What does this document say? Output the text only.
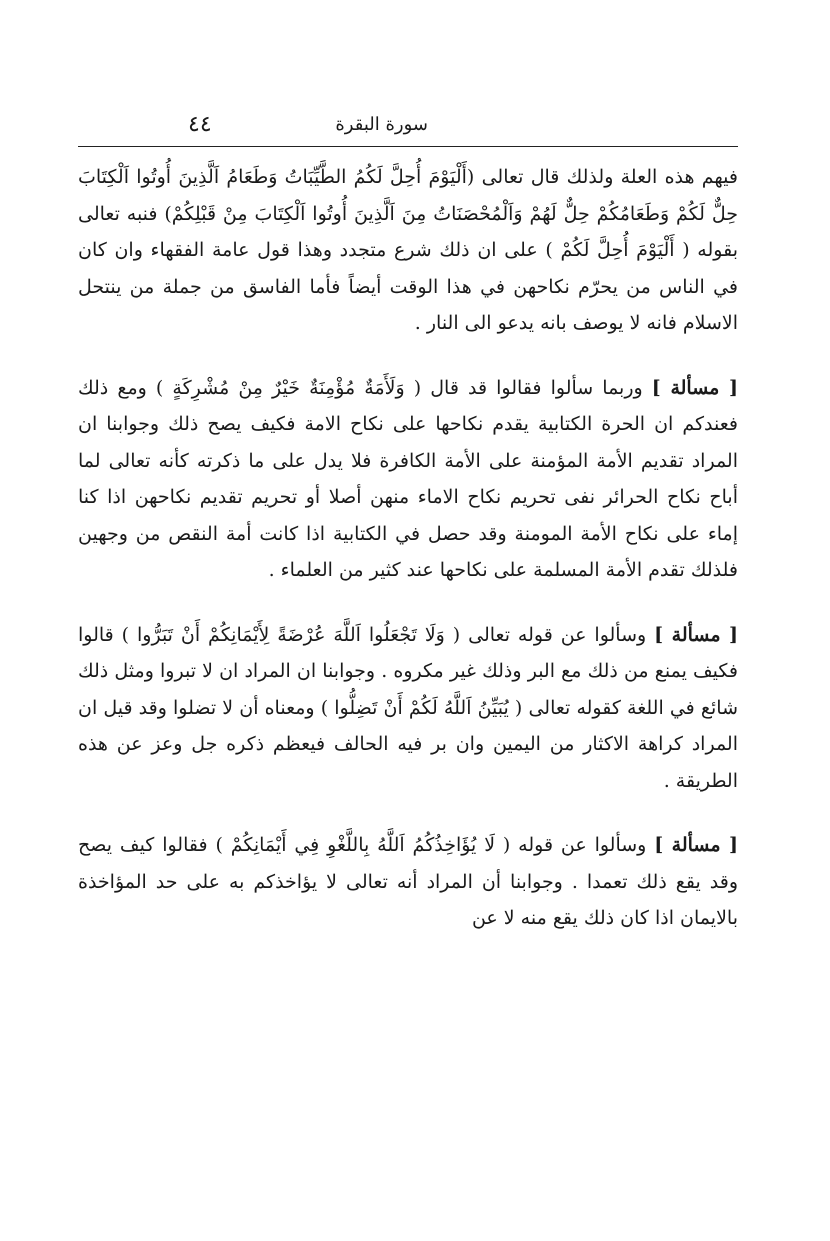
سورة البقرة
٤٤

فيهم هذه العلة ولذلك قال تعالى (أَلْيَوْمَ أُحِلَّ لَكُمُ الطَّيِّبَاتُ وَطَعَامُ اَلَّذِينَ أُوتُوا اَلْكِتَابَ حِلٌّ لَكُمْ وَطَعَامُكُمْ حِلٌّ لَهُمْ وَاَلْمُحْصَنَاتُ مِنَ اَلَّذِينَ أُوتُوا اَلْكِتَابَ مِنْ قَبْلِكُمْ) فنبه تعالى بقوله ( أَلْيَوْمَ أُحِلَّ لَكُمْ ) على ان ذلك شرع متجدد وهذا قول عامة الفقهاء وان كان في الناس من يحرّم نكاحهن في هذا الوقت أيضاً فأما الفاسق من جملة من ينتحل الاسلام فانه لا يوصف بانه يدعو الى النار .

[ مسألة ] وربما سألوا فقالوا قد قال ( وَلَأَمَةٌ مُؤْمِنَةٌ خَيْرٌ مِنْ مُشْرِكَةٍ ) ومع ذلك فعندكم ان الحرة الكتابية يقدم نكاحها على نكاح الامة فكيف يصح ذلك وجوابنا ان المراد تقديم الأمة المؤمنة على الأمة الكافرة فلا يدل على ما ذكرته كأنه تعالى لما أباح نكاح الحرائر نفى تحريم نكاح الاماء منهن أصلا أو تحريم تقديم نكاحهن اذا كنا إماء على نكاح الأمة المومنة وقد حصل في الكتابية اذا كانت أمة النقص من وجهين فلذلك تقدم الأمة المسلمة على نكاحها عند كثير من العلماء .

[ مسألة ] وسألوا عن قوله تعالى ( وَلَا تَجْعَلُوا اَللَّهَ عُرْضَةً لِأَيْمَانِكُمْ أَنْ تَبَرُّوا ) قالوا فكيف يمنع من ذلك مع البر وذلك غير مكروه . وجوابنا ان المراد ان لا تبروا ومثل ذلك شائع في اللغة كقوله تعالى ( يُبَيِّنُ اَللَّهُ لَكُمْ أَنْ تَضِلُّوا ) ومعناه أن لا تضلوا وقد قيل ان المراد كراهة الاكثار من اليمين وان بر فيه الحالف فيعظم ذكره جل وعز عن هذه الطريقة .

[ مسألة ] وسألوا عن قوله ( لَا يُؤَاخِذُكُمُ اَللَّهُ بِاللَّغْوِ فِي أَيْمَانِكُمْ ) فقالوا كيف يصح وقد يقع ذلك تعمدا . وجوابنا أن المراد أنه تعالى لا يؤاخذكم به على حد المؤاخذة بالايمان اذا كان ذلك يقع منه لا عن
